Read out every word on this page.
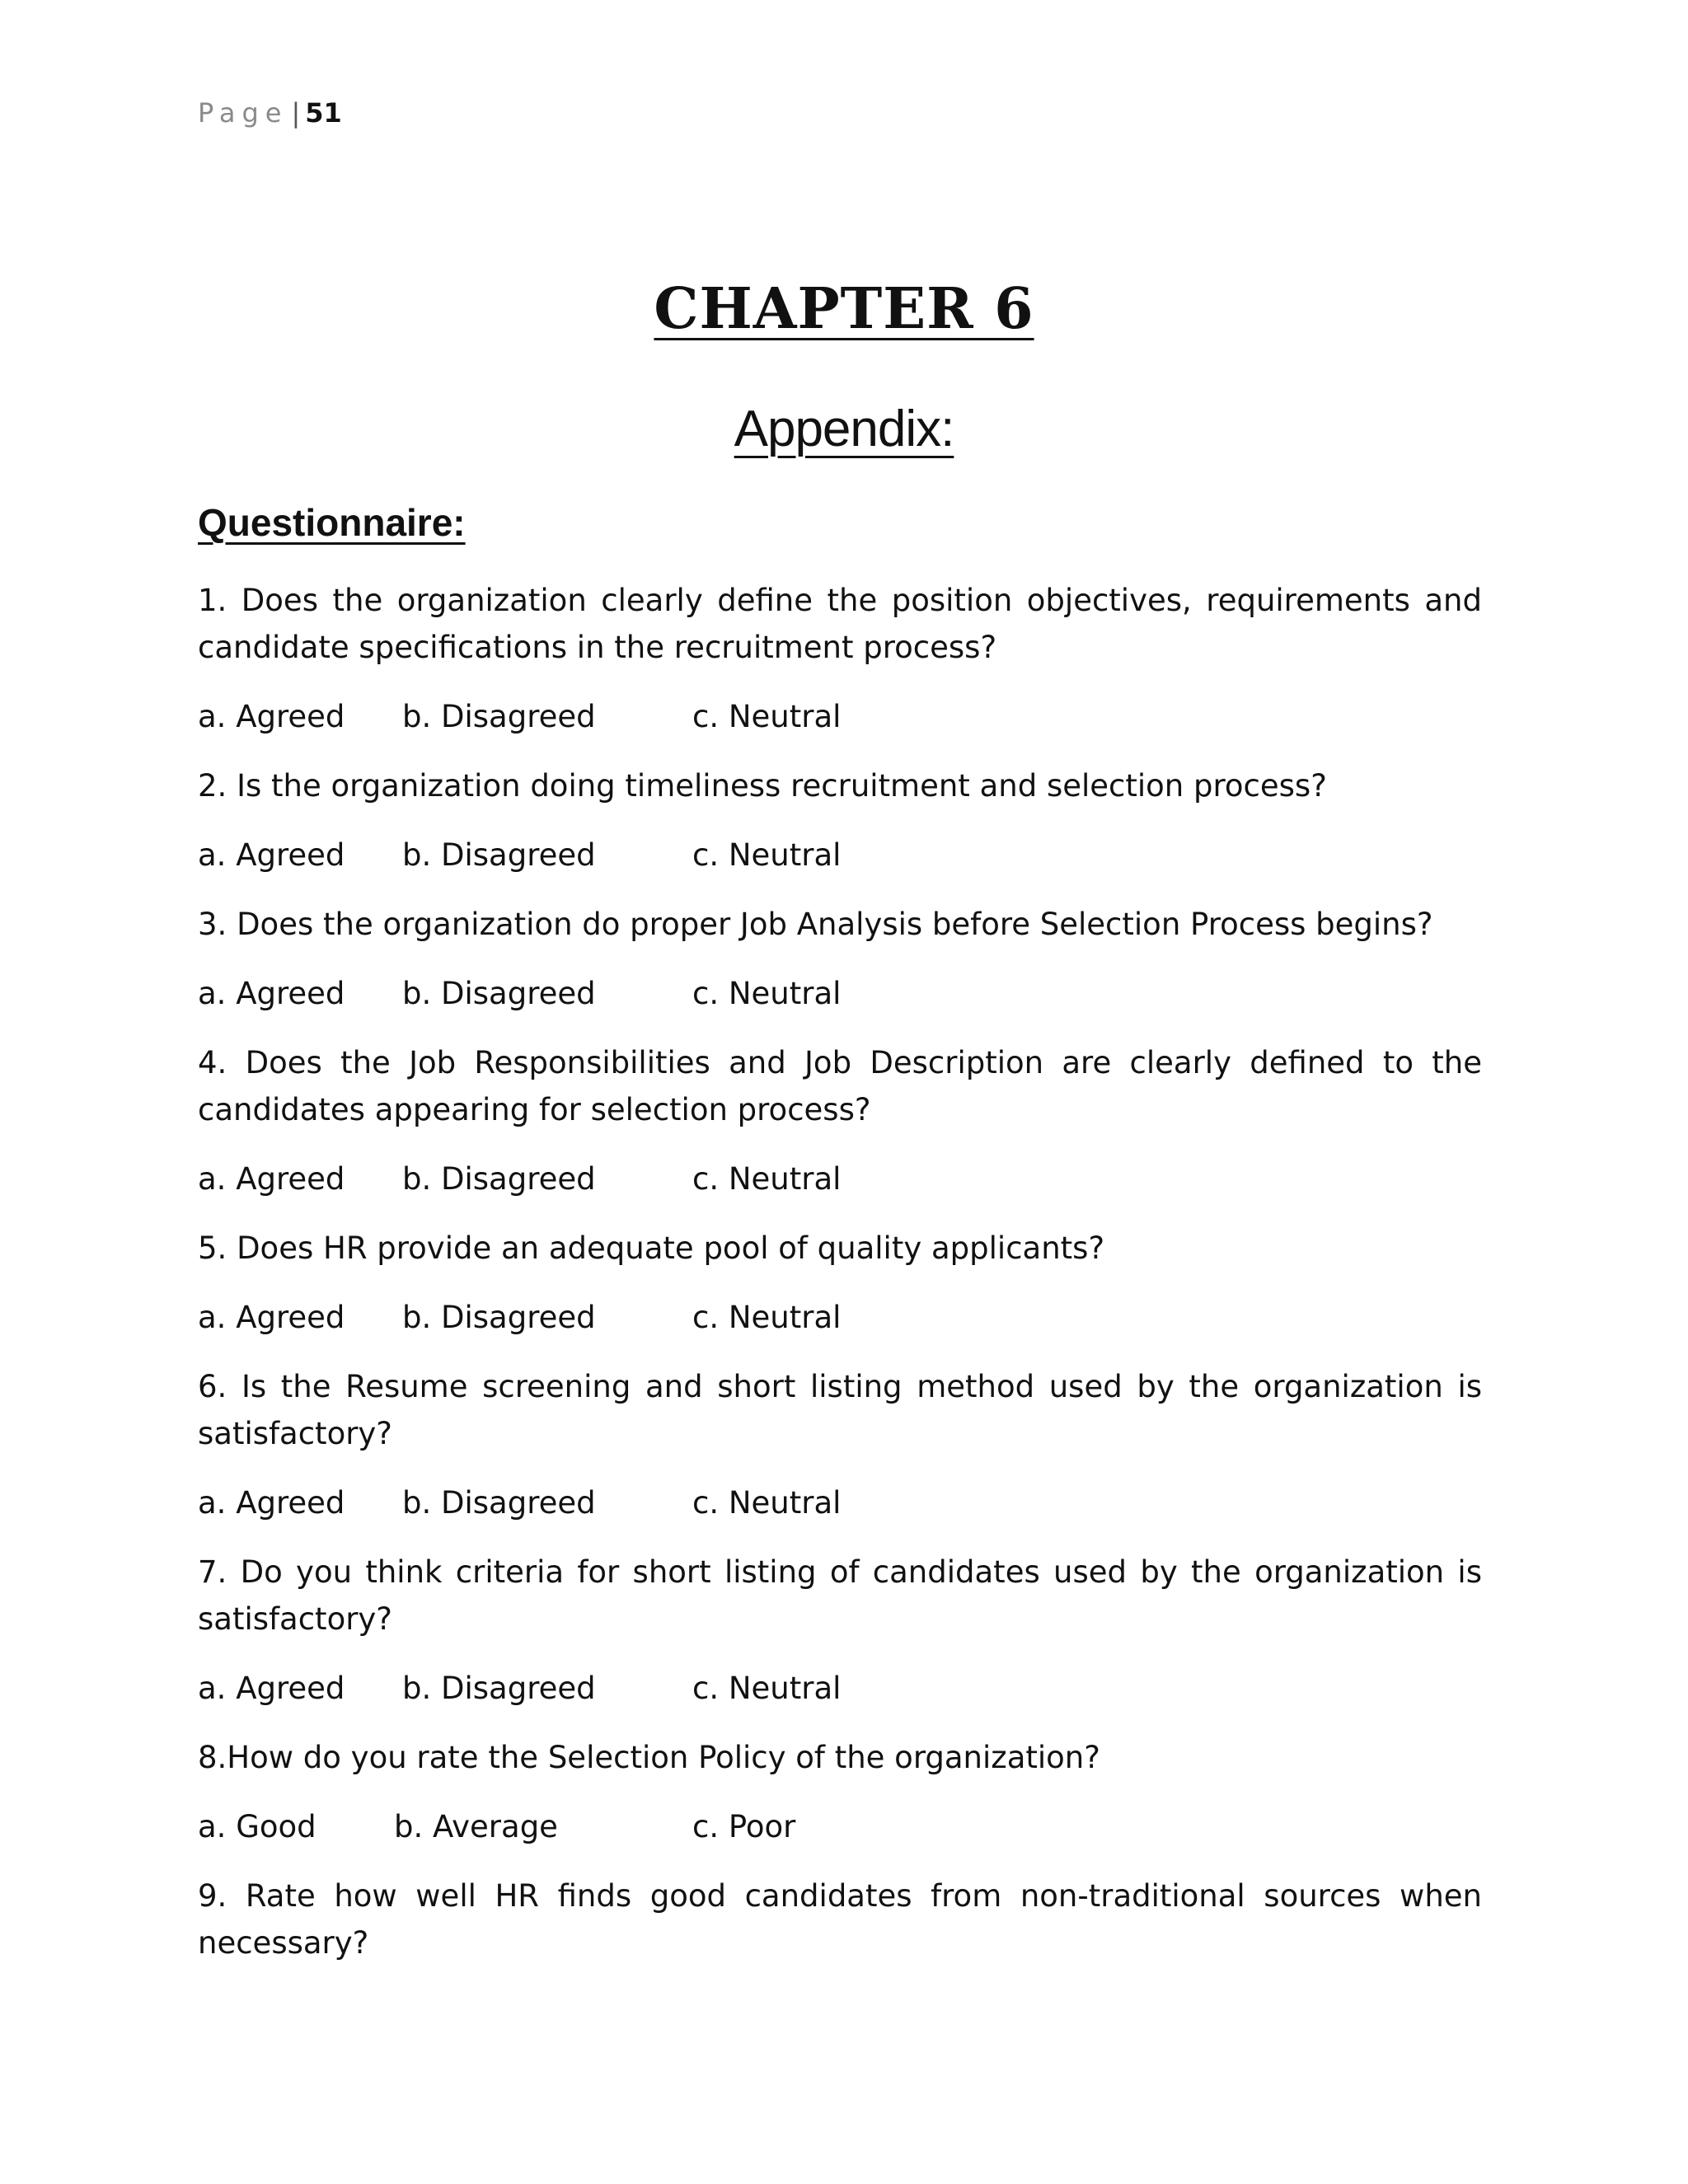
Page | 51
CHAPTER 6
Appendix:
Questionnaire:

1. Does the organization clearly define the position objectives, requirements and candidate specifications in the recruitment process?

a. Agreed	b. Disagreed	c. Neutral

2. Is the organization doing timeliness recruitment and selection process?

a. Agreed	b. Disagreed	c. Neutral

3. Does the organization do proper Job Analysis before Selection Process begins?

a. Agreed	b. Disagreed	c. Neutral

4. Does the Job Responsibilities and Job Description are clearly defined to the candidates appearing for selection process?

a. Agreed	b. Disagreed	c. Neutral

5. Does HR provide an adequate pool of quality applicants?

a. Agreed	b. Disagreed	c. Neutral

6. Is the Resume screening and short listing method used by the organization is satisfactory?

a. Agreed	b. Disagreed	c. Neutral

7. Do you think criteria for short listing of candidates used by the organization is satisfactory?

a. Agreed	b. Disagreed	c. Neutral

8.How do you rate the Selection Policy of the organization?

a. Good	b. Average	c. Poor

9. Rate how well HR finds good candidates from non-traditional sources when necessary?
